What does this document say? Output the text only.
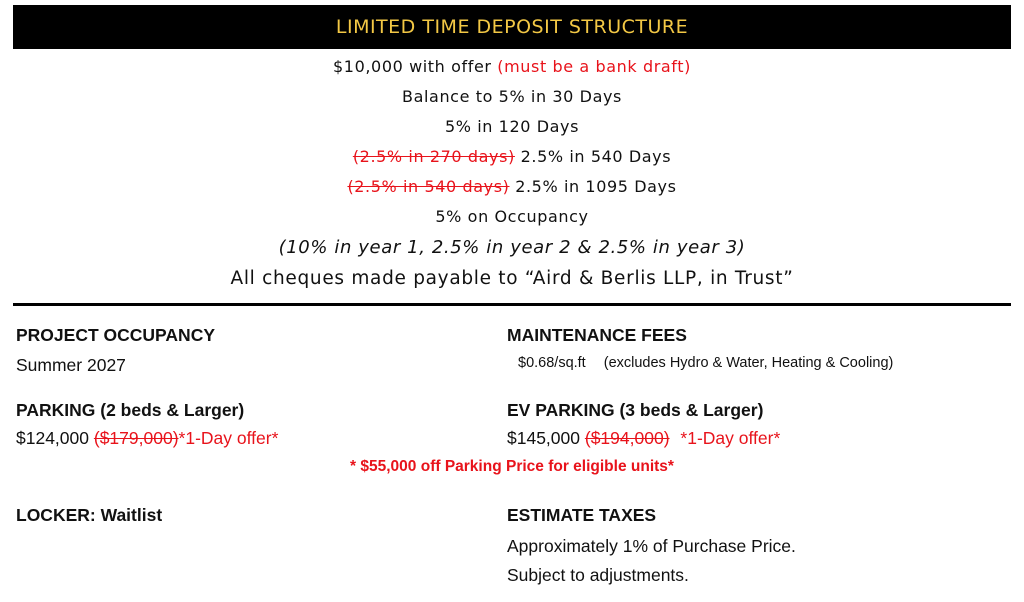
LIMITED TIME DEPOSIT STRUCTURE
$10,000 with offer (must be a bank draft)
Balance to 5% in 30 Days
5% in 120 Days
(2.5% in 270 days) 2.5% in 540 Days
(2.5% in 540 days) 2.5% in 1095 Days
5% on Occupancy
(10% in year 1, 2.5% in year 2 & 2.5% in year 3)
All cheques made payable to “Aird & Berlis LLP, in Trust”
PROJECT OCCUPANCY
Summer 2027
MAINTENANCE FEES
$0.68/sq.ft (excludes Hydro & Water, Heating & Cooling)
PARKING (2 beds & Larger)
$124,000 ($179,000)*1-Day offer*
EV PARKING (3 beds & Larger)
$145,000 ($194,000) *1-Day offer*
LOCKER: Waitlist	ESTIMATE TAXES
Approximately 1% of Purchase Price.
Subject to adjustments.
* $55,000 off Parking Price for eligible units*
